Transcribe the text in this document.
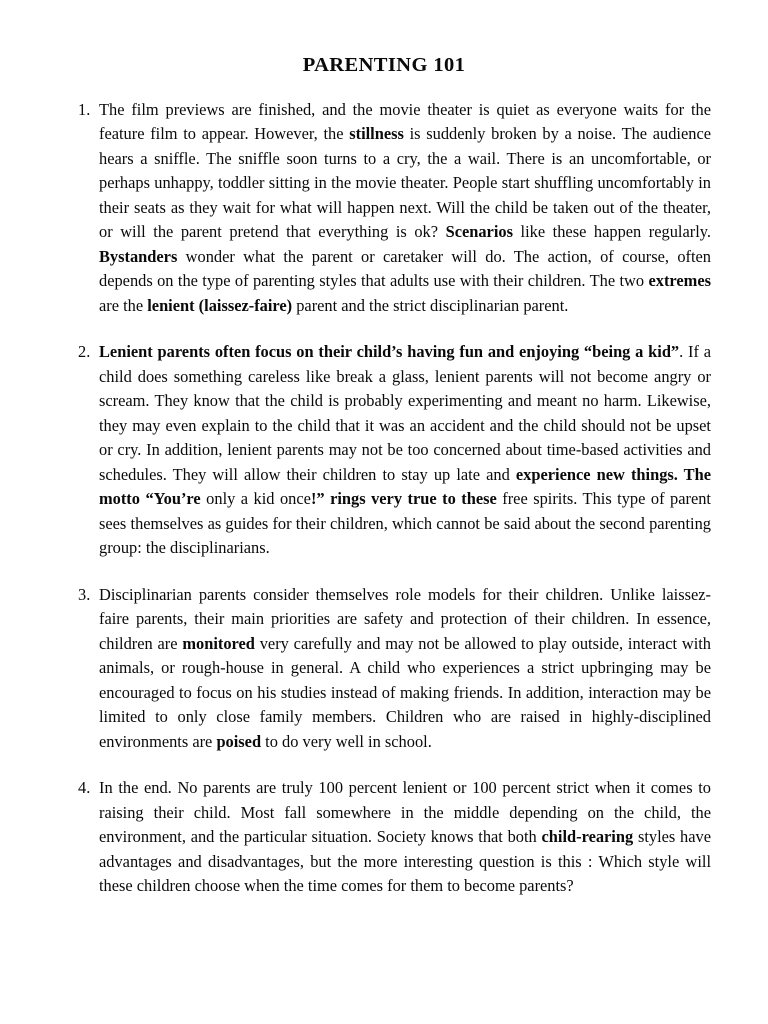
PARENTING 101
1. The film previews are finished, and the movie theater is quiet as everyone waits for the feature film to appear. However, the stillness is suddenly broken by a noise. The audience hears a sniffle. The sniffle soon turns to a cry, the a wail. There is an uncomfortable, or perhaps unhappy, toddler sitting in the movie theater. People start shuffling uncomfortably in their seats as they wait for what will happen next. Will the child be taken out of the theater, or will the parent pretend that everything is ok? Scenarios like these happen regularly. Bystanders wonder what the parent or caretaker will do. The action, of course, often depends on the type of parenting styles that adults use with their children. The two extremes are the lenient (laissez-faire) parent and the strict disciplinarian parent.
2. Lenient parents often focus on their child’s having fun and enjoying “being a kid”. If a child does something careless like break a glass, lenient parents will not become angry or scream. They know that the child is probably experimenting and meant no harm. Likewise, they may even explain to the child that it was an accident and the child should not be upset or cry. In addition, lenient parents may not be too concerned about time-based activities and schedules. They will allow their children to stay up late and experience new things. The motto “You’re only a kid once!” rings very true to these free spirits. This type of parent sees themselves as guides for their children, which cannot be said about the second parenting group: the disciplinarians.
3. Disciplinarian parents consider themselves role models for their children. Unlike laissez-faire parents, their main priorities are safety and protection of their children. In essence, children are monitored very carefully and may not be allowed to play outside, interact with animals, or rough-house in general. A child who experiences a strict upbringing may be encouraged to focus on his studies instead of making friends. In addition, interaction may be limited to only close family members. Children who are raised in highly-disciplined environments are poised to do very well in school.
4. In the end. No parents are truly 100 percent lenient or 100 percent strict when it comes to raising their child. Most fall somewhere in the middle depending on the child, the environment, and the particular situation. Society knows that both child-rearing styles have advantages and disadvantages, but the more interesting question is this : Which style will these children choose when the time comes for them to become parents?
